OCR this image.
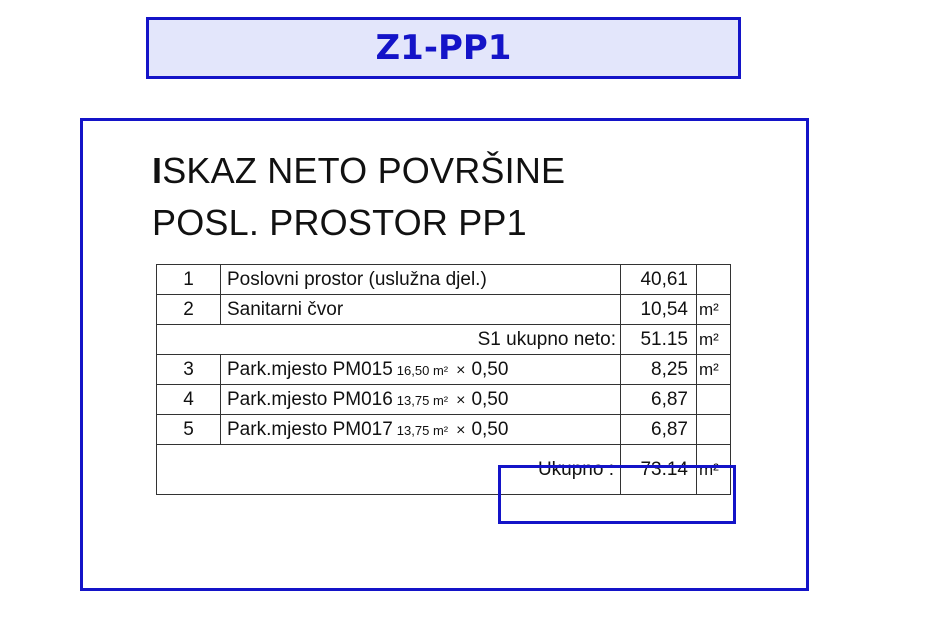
Z1-PP1
ISKAZ NETO POVRŠINE
POSL. PROSTOR PP1
1	Poslovni prostor (uslužna djel.)	40,61	
2	Sanitarni čvor	10,54	m²
S1 ukupno neto:		51.15	m²
3	Park.mjesto PM015 16,50 m² × 0,50	8,25	m²
4	Park.mjesto PM016 13,75 m² × 0,50	6,87	
5	Park.mjesto PM017 13,75 m² × 0,50	6,87	
Ukupno :		73.14	m²
